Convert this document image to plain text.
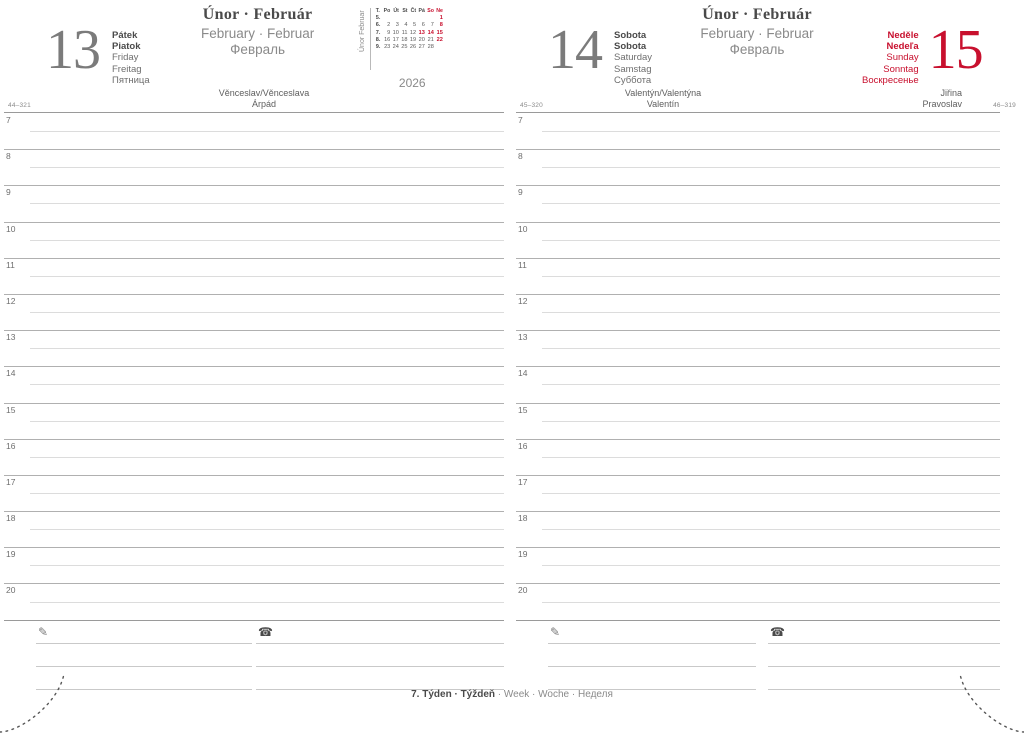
13 Pátek
Piatok
Friday
Freitag
Пятница
Únor · Február
February · Februar
Февраль	Únor Februar T.	Po	Út	St	Čt	Pá	So	Ne
5.							1
6.	2	3	4	5	6	7	8
7.	9	10	11	12	13	14	15
8.	16	17	18	19	20	21	22
9.	23	24	25	26	27	28	
2026
Věnceslav/Věnceslava
Árpád
44–321
7
8
9
10
11
12
13
14
15
16
17
18
19
20
✎	☎
14 Sobota
Sobota
Saturday
Samstag
Суббота
Únor · Február
February · Februar
Февраль
Neděle
Nedeľa
Sunday
Sonntag
Воскресенье 15
Valentýn/Valentýna
Valentín
Jiřina
Pravoslav
45–320	46–319
7
8
9
10
11
12
13
14
15
16
17
18
19
20
✎	☎
7. Týden · Týždeň · Week · Woche · Неделя
